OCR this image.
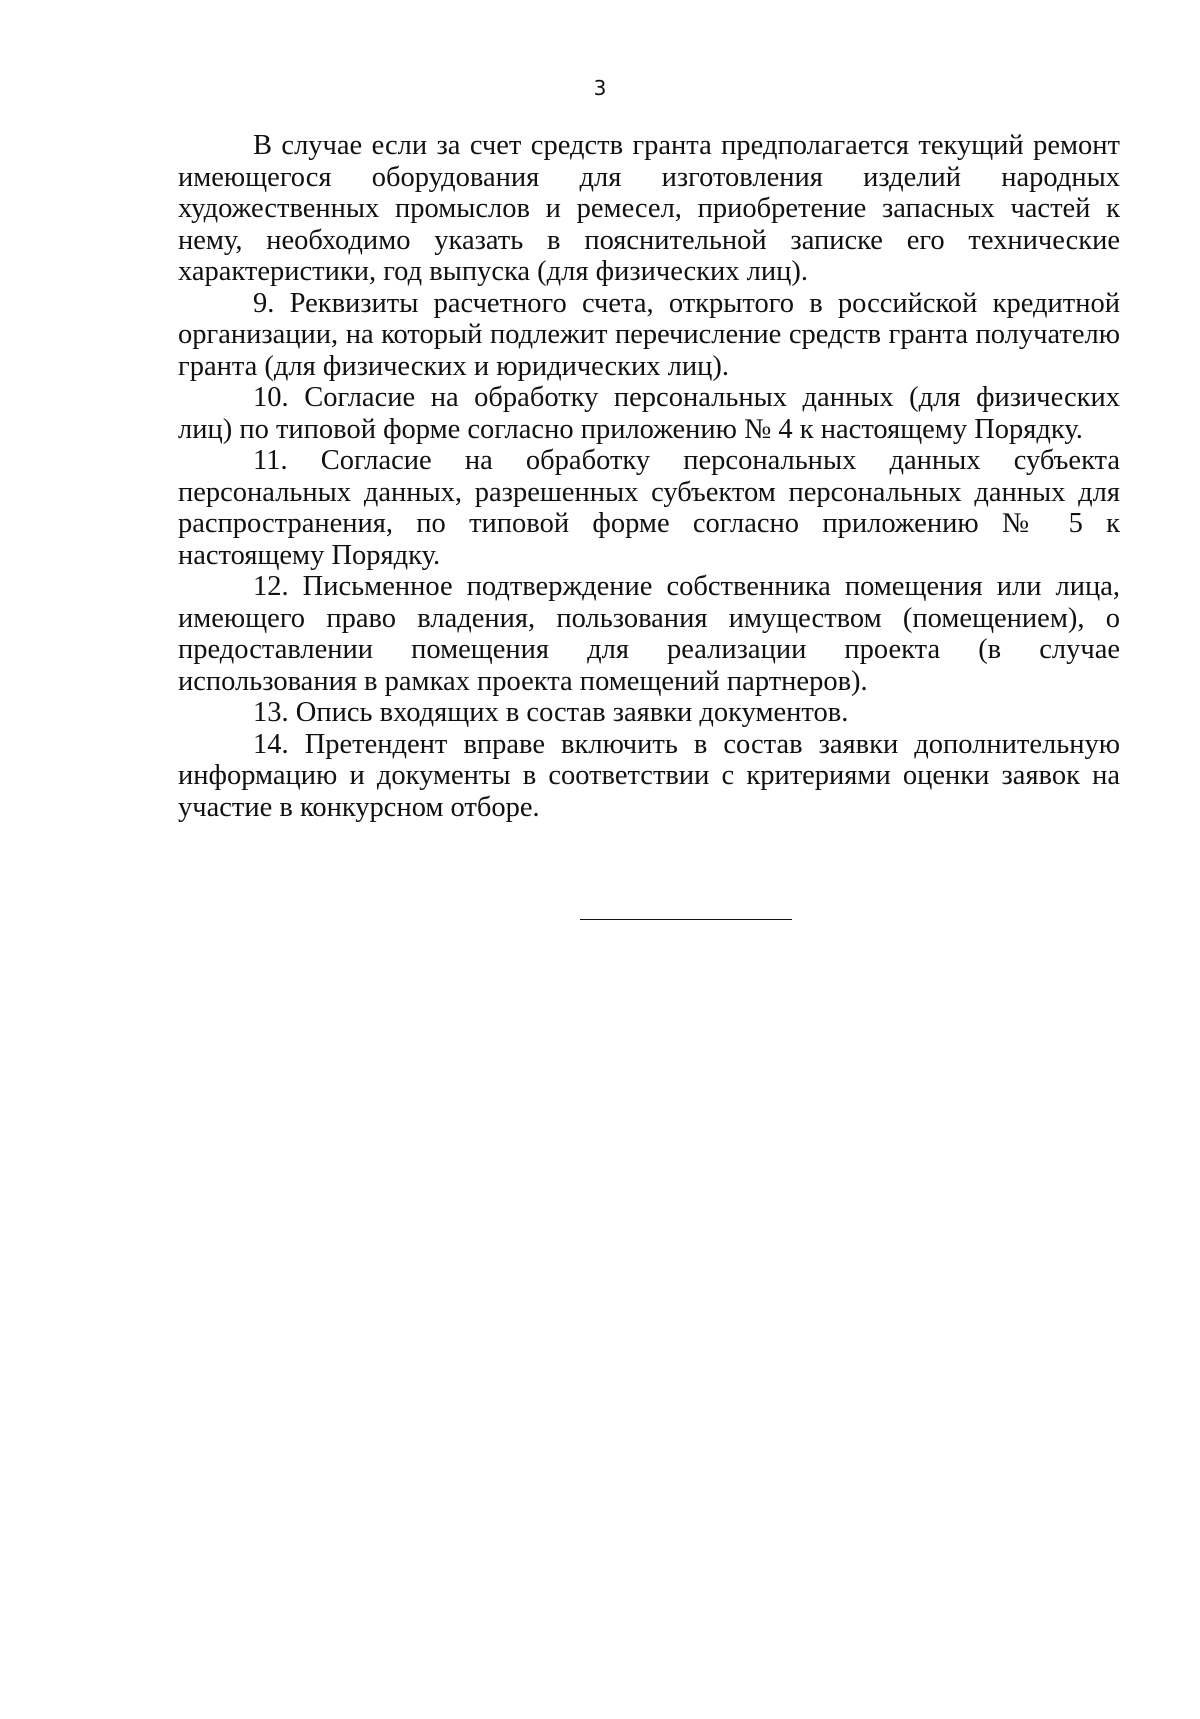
3

В случае если за счет средств гранта предполагается текущий ремонт имеющегося оборудования для изготовления изделий народных художественных промыслов и ремесел, приобретение запасных частей к нему, необходимо указать в пояснительной записке его технические характеристики, год выпуска (для физических лиц).

9. Реквизиты расчетного счета, открытого в российской кредитной организации, на который подлежит перечисление средств гранта получателю гранта (для физических и юридических лиц).

10. Согласие на обработку персональных данных (для физических лиц) по типовой форме согласно приложению № 4 к настоящему Порядку.

11. Согласие на обработку персональных данных субъекта персональных данных, разрешенных субъектом персональных данных для распространения, по типовой форме согласно приложению № 5 к настоящему Порядку.

12. Письменное подтверждение собственника помещения или лица, имеющего право владения, пользования имуществом (помещением), о предоставлении помещения для реализации проекта (в случае использования в рамках проекта помещений партнеров).

13. Опись входящих в состав заявки документов.

14. Претендент вправе включить в состав заявки дополнительную информацию и документы в соответствии с критериями оценки заявок на участие в конкурсном отборе.
